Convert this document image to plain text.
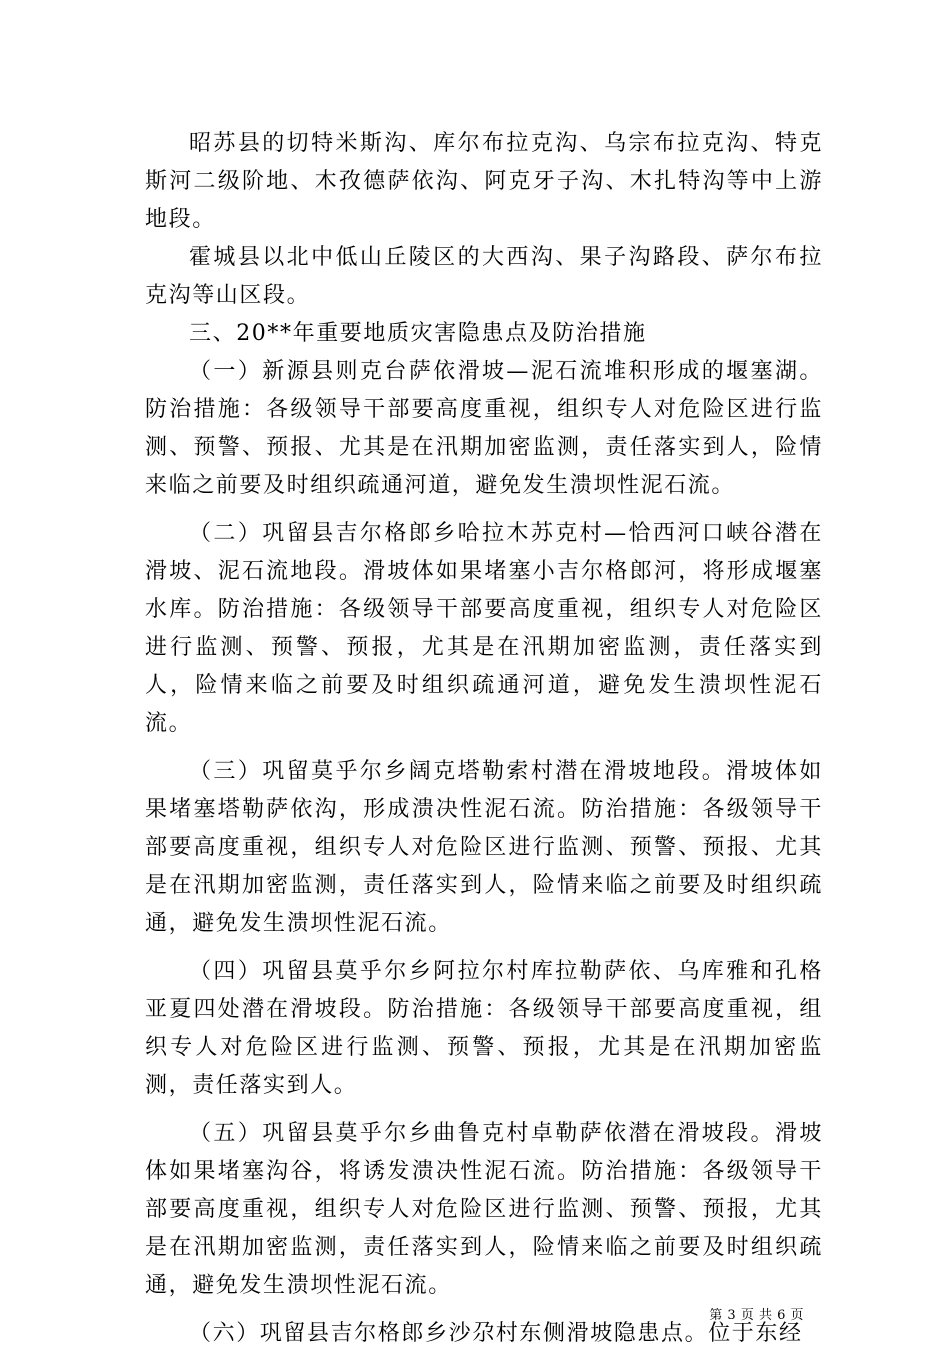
昭苏县的切特米斯沟、库尔布拉克沟、乌宗布拉克沟、特克斯河二级阶地、木孜德萨依沟、阿克牙子沟、木扎特沟等中上游地段。

霍城县以北中低山丘陵区的大西沟、果子沟路段、萨尔布拉克沟等山区段。

三、20**年重要地质灾害隐患点及防治措施

（一）新源县则克台萨依滑坡—泥石流堆积形成的堰塞湖。防治措施：各级领导干部要高度重视，组织专人对危险区进行监测、预警、预报、尤其是在汛期加密监测，责任落实到人，险情来临之前要及时组织疏通河道，避免发生溃坝性泥石流。

（二）巩留县吉尔格郎乡哈拉木苏克村—恰西河口峡谷潜在滑坡、泥石流地段。滑坡体如果堵塞小吉尔格郎河，将形成堰塞水库。防治措施：各级领导干部要高度重视，组织专人对危险区进行监测、预警、预报，尤其是在汛期加密监测，责任落实到人，险情来临之前要及时组织疏通河道，避免发生溃坝性泥石流。

（三）巩留莫乎尔乡阔克塔勒索村潜在滑坡地段。滑坡体如果堵塞塔勒萨依沟，形成溃决性泥石流。防治措施：各级领导干部要高度重视，组织专人对危险区进行监测、预警、预报、尤其是在汛期加密监测，责任落实到人，险情来临之前要及时组织疏通，避免发生溃坝性泥石流。

（四）巩留县莫乎尔乡阿拉尔村库拉勒萨依、乌库雅和孔格亚夏四处潜在滑坡段。防治措施：各级领导干部要高度重视，组织专人对危险区进行监测、预警、预报，尤其是在汛期加密监测，责任落实到人。

（五）巩留县莫乎尔乡曲鲁克村卓勒萨依潜在滑坡段。滑坡体如果堵塞沟谷，将诱发溃决性泥石流。防治措施：各级领导干部要高度重视，组织专人对危险区进行监测、预警、预报，尤其是在汛期加密监测，责任落实到人，险情来临之前要及时组织疏通，避免发生溃坝性泥石流。

（六）巩留县吉尔格郎乡沙尕村东侧滑坡隐患点。位于东经

第 3 页 共 6 页
